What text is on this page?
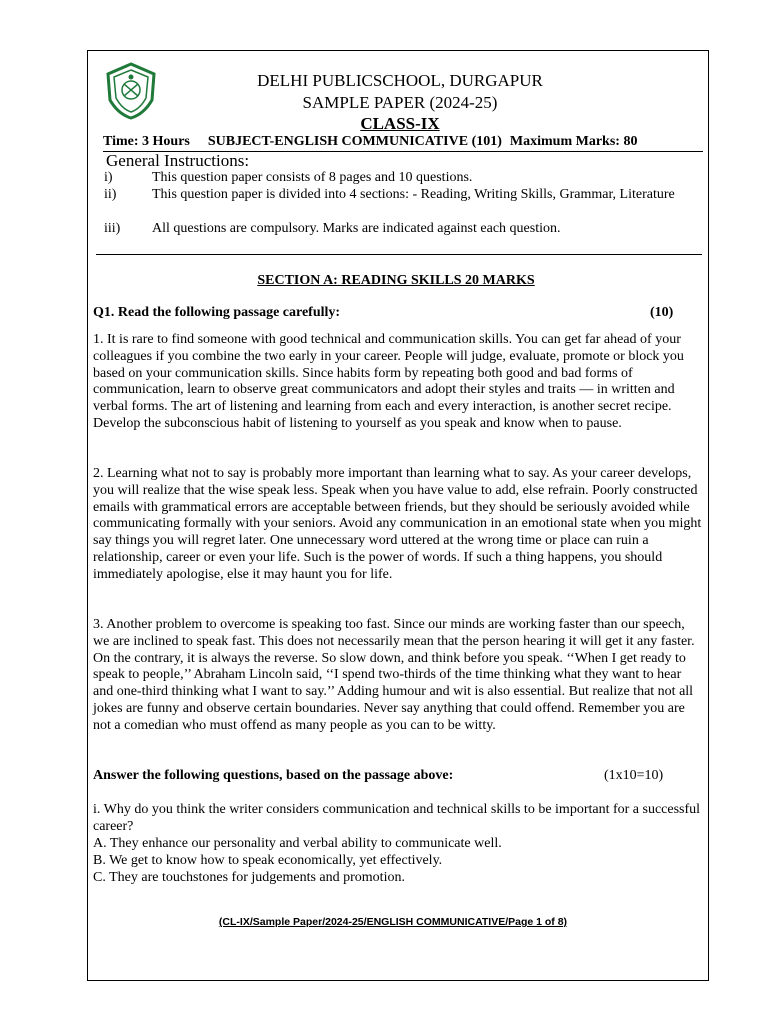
DELHI PUBLICSCHOOL, DURGAPUR
SAMPLE PAPER (2024-25)
CLASS-IX
Time: 3 Hours SUBJECT-ENGLISH COMMUNICATIVE (101) Maximum Marks: 80
General Instructions:
i)	This question paper consists of 8 pages and 10 questions.
ii)	This question paper is divided into 4 sections: - Reading, Writing Skills, Grammar, Literature
iii)	All questions are compulsory. Marks are indicated against each question.
SECTION A: READING SKILLS 20 MARKS
Q1. Read the following passage carefully:	(10)

1. It is rare to find someone with good technical and communication skills. You can get far ahead of your colleagues if you combine the two early in your career. People will judge, evaluate, promote or block you based on your communication skills. Since habits form by repeating both good and bad forms of communication, learn to observe great communicators and adopt their styles and traits — in written and verbal forms. The art of listening and learning from each and every interaction, is another secret recipe. Develop the subconscious habit of listening to yourself as you speak and know when to pause.

2. Learning what not to say is probably more important than learning what to say. As your career develops, you will realize that the wise speak less. Speak when you have value to add, else refrain. Poorly constructed emails with grammatical errors are acceptable between friends, but they should be seriously avoided while communicating formally with your seniors. Avoid any communication in an emotional state when you might say things you will regret later. One unnecessary word uttered at the wrong time or place can ruin a relationship, career or even your life. Such is the power of words. If such a thing happens, you should immediately apologise, else it may haunt you for life.

3. Another problem to overcome is speaking too fast. Since our minds are working faster than our speech, we are inclined to speak fast. This does not necessarily mean that the person hearing it will get it any faster. On the contrary, it is always the reverse. So slow down, and think before you speak. ‘‘When I get ready to speak to people,’’ Abraham Lincoln said, ‘‘I spend two-thirds of the time thinking what they want to hear and one-third thinking what I want to say.’’ Adding humour and wit is also essential. But realize that not all jokes are funny and observe certain boundaries. Never say anything that could offend. Remember you are not a comedian who must offend as many people as you can to be witty.

Answer the following questions, based on the passage above:	(1x10=10)
i. Why do you think the writer considers communication and technical skills to be important for a successful career?
A. They enhance our personality and verbal ability to communicate well.
B. We get to know how to speak economically, yet effectively.
C. They are touchstones for judgements and promotion.
(CL-IX/Sample Paper/2024-25/ENGLISH COMMUNICATIVE/Page 1 of 8)
